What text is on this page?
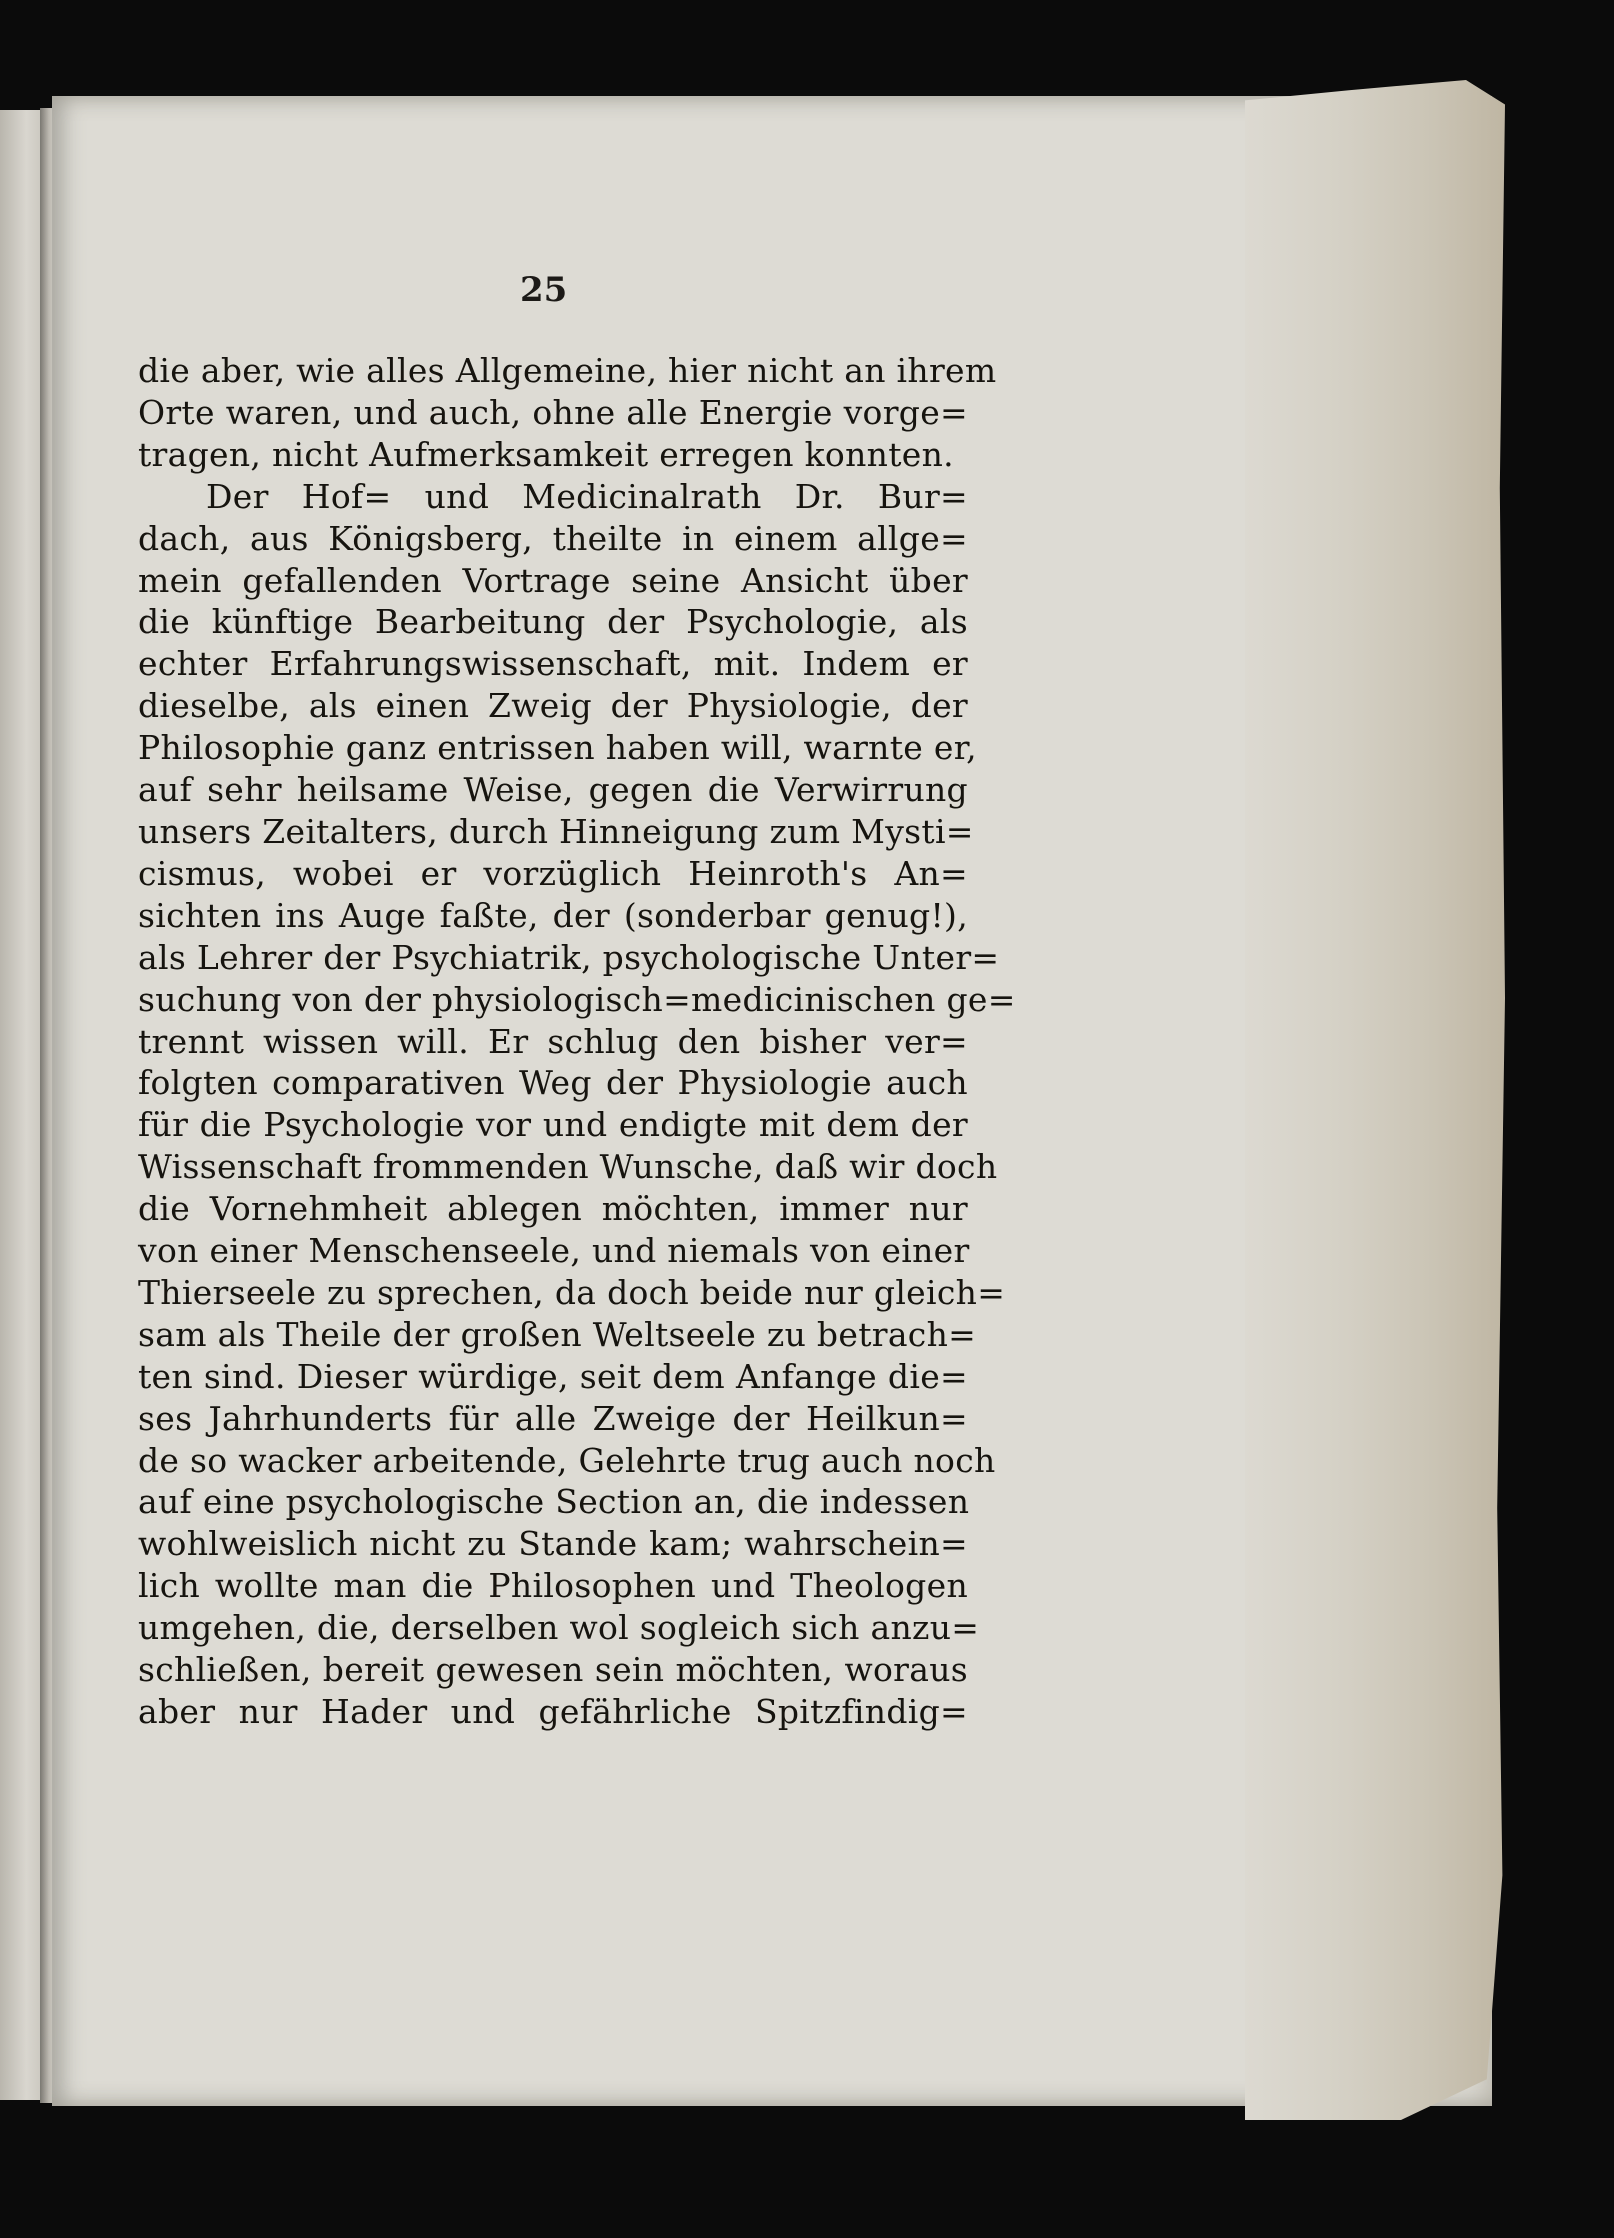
25
die aber, wie alles Allgemeine, hier nicht an ihrem
Orte waren, und auch, ohne alle Energie vorge=
tragen, nicht Aufmerksamkeit erregen konnten.
Der Hof= und Medicinalrath Dr. Bur=
dach, aus Königsberg, theilte in einem allge=
mein gefallenden Vortrage seine Ansicht über
die künftige Bearbeitung der Psychologie, als
echter Erfahrungswissenschaft, mit. Indem er
dieselbe, als einen Zweig der Physiologie, der
Philosophie ganz entrissen haben will, warnte er,
auf sehr heilsame Weise, gegen die Verwirrung
unsers Zeitalters, durch Hinneigung zum Mysti=
cismus, wobei er vorzüglich Heinroth's An=
sichten ins Auge faßte, der (sonderbar genug!),
als Lehrer der Psychiatrik, psychologische Unter=
suchung von der physiologisch=medicinischen ge=
trennt wissen will. Er schlug den bisher ver=
folgten comparativen Weg der Physiologie auch
für die Psychologie vor und endigte mit dem der
Wissenschaft frommenden Wunsche, daß wir doch
die Vornehmheit ablegen möchten, immer nur
von einer Menschenseele, und niemals von einer
Thierseele zu sprechen, da doch beide nur gleich=
sam als Theile der großen Weltseele zu betrach=
ten sind. Dieser würdige, seit dem Anfange die=
ses Jahrhunderts für alle Zweige der Heilkun=
de so wacker arbeitende, Gelehrte trug auch noch
auf eine psychologische Section an, die indessen
wohlweislich nicht zu Stande kam; wahrschein=
lich wollte man die Philosophen und Theologen
umgehen, die, derselben wol sogleich sich anzu=
schließen, bereit gewesen sein möchten, woraus
aber nur Hader und gefährliche Spitzfindig=
